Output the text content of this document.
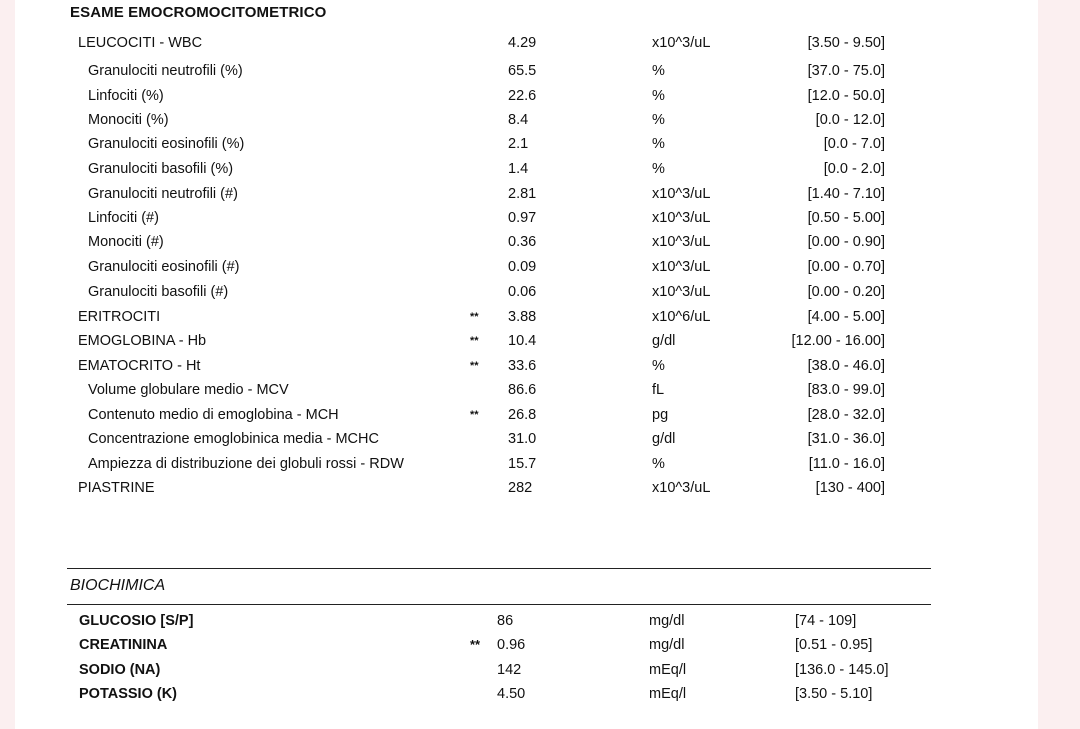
ESAME EMOCROMOCITOMETRICO
LEUCOCITI - WBC	4.29	x10^3/uL	[3.50 - 9.50]
Granulociti neutrofili (%)	65.5	%	[37.0 - 75.0]
Linfociti (%)	22.6	%	[12.0 - 50.0]
Monociti (%)	8.4	%	[0.0 - 12.0]
Granulociti eosinofili (%)	2.1	%	[0.0 - 7.0]
Granulociti basofili (%)	1.4	%	[0.0 - 2.0]
Granulociti neutrofili (#)	2.81	x10^3/uL	[1.40 - 7.10]
Linfociti (#)	0.97	x10^3/uL	[0.50 - 5.00]
Monociti (#)	0.36	x10^3/uL	[0.00 - 0.90]
Granulociti eosinofili (#)	0.09	x10^3/uL	[0.00 - 0.70]
Granulociti basofili (#)	0.06	x10^3/uL	[0.00 - 0.20]
ERITROCITI	** 3.88	x10^6/uL	[4.00 - 5.00]
EMOGLOBINA - Hb	** 10.4	g/dl	[12.00 - 16.00]
EMATOCRITO - Ht	** 33.6	%	[38.0 - 46.0]
Volume globulare medio - MCV	86.6	fL	[83.0 - 99.0]
Contenuto medio di emoglobina - MCH	** 26.8	pg	[28.0 - 32.0]
Concentrazione emoglobinica media - MCHC	31.0	g/dl	[31.0 - 36.0]
Ampiezza di distribuzione dei globuli rossi - RDW	15.7	%	[11.0 - 16.0]
PIASTRINE	282	x10^3/uL	[130 - 400]
BIOCHIMICA
GLUCOSIO [S/P]	86	mg/dl	[74 - 109]
CREATININA	** 0.96	mg/dl	[0.51 - 0.95]
SODIO (NA)	142	mEq/l	[136.0 - 145.0]
POTASSIO (K)	4.50	mEq/l	[3.50 - 5.10]
